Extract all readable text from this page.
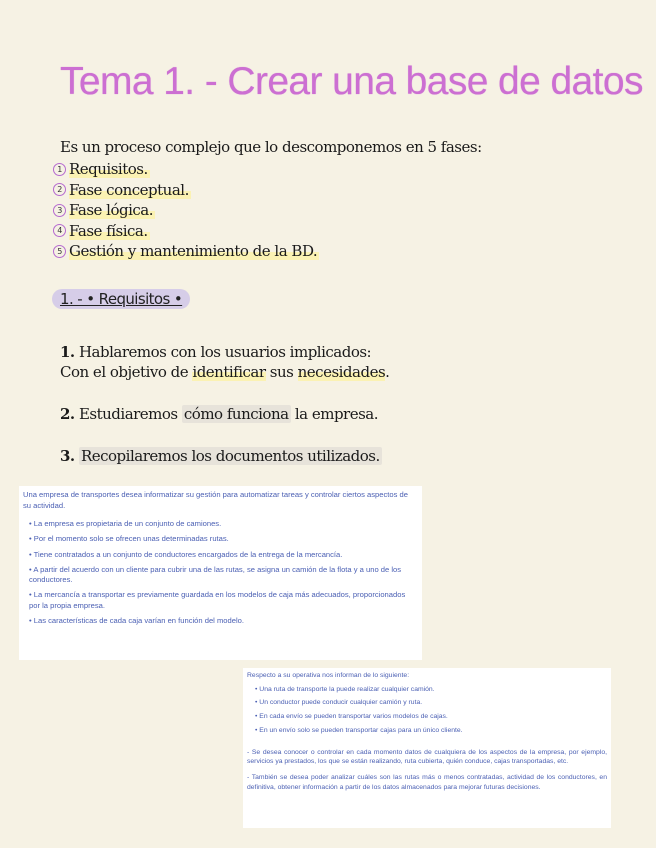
Tema 1. - Crear una base de datos

Es un proceso complejo que lo descomponemos en 5 fases:

1 Requisitos.
2 Fase conceptual.
3 Fase lógica.
4 Fase física.
5 Gestión y mantenimiento de la BD.
1. - • Requisitos •

1. Hablaremos con los usuarios implicados:

Con el objetivo de identificar sus necesidades.

2. Estudiaremos cómo funciona la empresa.

3. Recopilaremos los documentos utilizados.

Una empresa de transportes desea informatizar su gestión para automatizar tareas y controlar ciertos aspectos de su actividad.

• La empresa es propietaria de un conjunto de camiones.
• Por el momento solo se ofrecen unas determinadas rutas.
• Tiene contratados a un conjunto de conductores encargados de la entrega de la mercancía.
• A partir del acuerdo con un cliente para cubrir una de las rutas, se asigna un camión de la flota y a uno de los conductores.
• La mercancía a transportar es previamente guardada en los modelos de caja más adecuados, proporcionados por la propia empresa.
• Las características de cada caja varían en función del modelo.

Respecto a su operativa nos informan de lo siguiente:

• Una ruta de transporte la puede realizar cualquier camión.
• Un conductor puede conducir cualquier camión y ruta.
• En cada envío se pueden transportar varios modelos de cajas.
• En un envío solo se pueden transportar cajas para un único cliente.

- Se desea conocer o controlar en cada momento datos de cualquiera de los aspectos de la empresa, por ejemplo, servicios ya prestados, los que se están realizando, ruta cubierta, quién conduce, cajas transportadas, etc.

- También se desea poder analizar cuáles son las rutas más o menos contratadas, actividad de los conductores, en definitiva, obtener información a partir de los datos almacenados para mejorar futuras decisiones.
